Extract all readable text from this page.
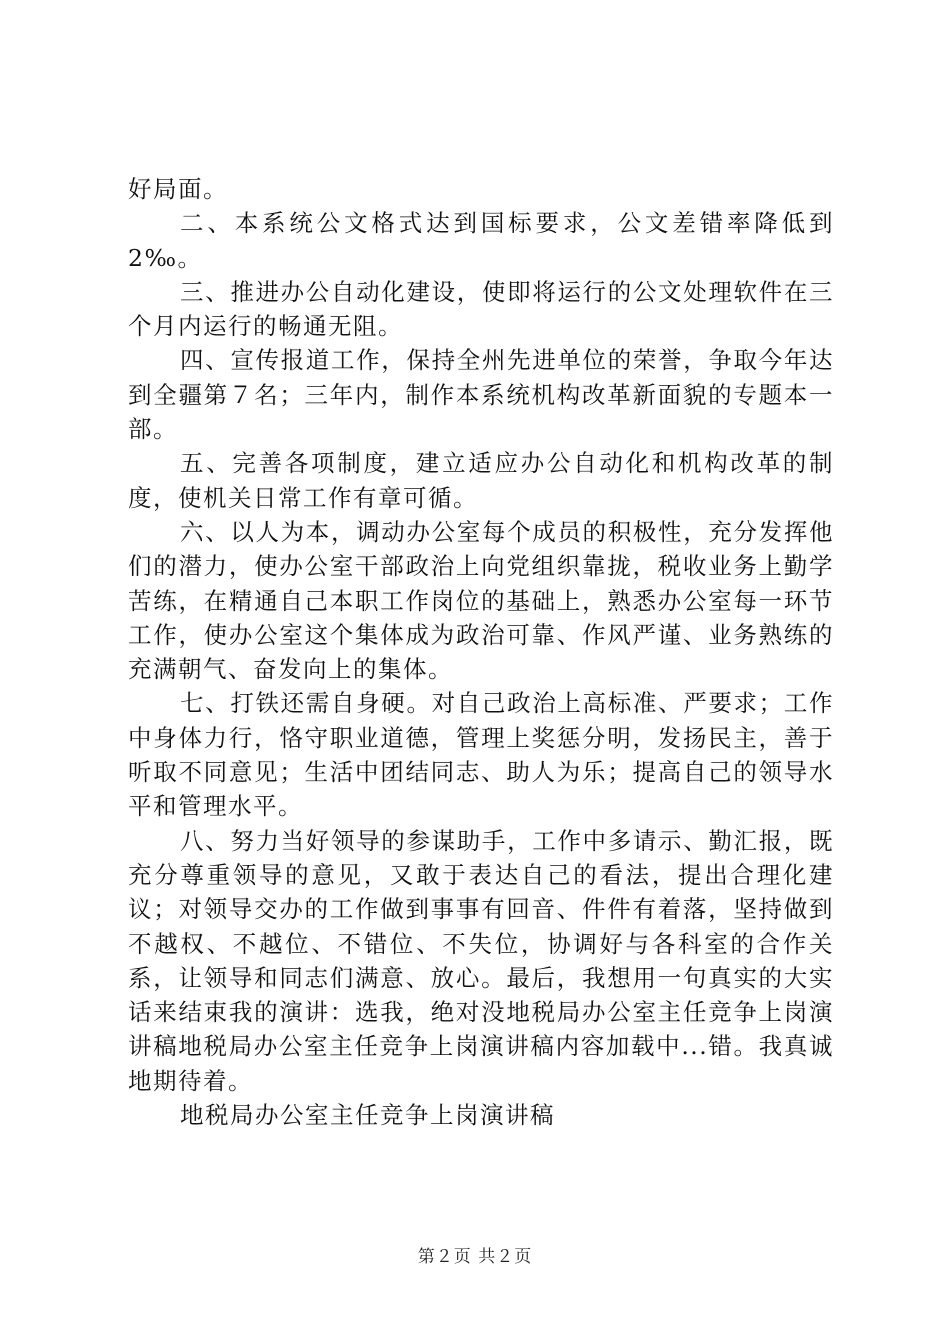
好局面。

二、本系统公文格式达到国标要求，公文差错率降低到2‰。

三、推进办公自动化建设，使即将运行的公文处理软件在三个月内运行的畅通无阻。

四、宣传报道工作，保持全州先进单位的荣誉，争取今年达到全疆第７名；三年内，制作本系统机构改革新面貌的专题本一部。

五、完善各项制度，建立适应办公自动化和机构改革的制度，使机关日常工作有章可循。

六、以人为本，调动办公室每个成员的积极性，充分发挥他们的潜力，使办公室干部政治上向党组织靠拢，税收业务上勤学苦练，在精通自己本职工作岗位的基础上，熟悉办公室每一环节工作，使办公室这个集体成为政治可靠、作风严谨、业务熟练的充满朝气、奋发向上的集体。

七、打铁还需自身硬。对自己政治上高标准、严要求；工作中身体力行，恪守职业道德，管理上奖惩分明，发扬民主，善于听取不同意见；生活中团结同志、助人为乐；提高自己的领导水平和管理水平。

八、努力当好领导的参谋助手，工作中多请示、勤汇报，既充分尊重领导的意见，又敢于表达自己的看法，提出合理化建议；对领导交办的工作做到事事有回音、件件有着落，坚持做到不越权、不越位、不错位、不失位，协调好与各科室的合作关系，让领导和同志们满意、放心。最后，我想用一句真实的大实话来结束我的演讲：选我，绝对没地税局办公室主任竞争上岗演讲稿地税局办公室主任竞争上岗演讲稿内容加载中...错。我真诚地期待着。

地税局办公室主任竞争上岗演讲稿

第２页 共２页
